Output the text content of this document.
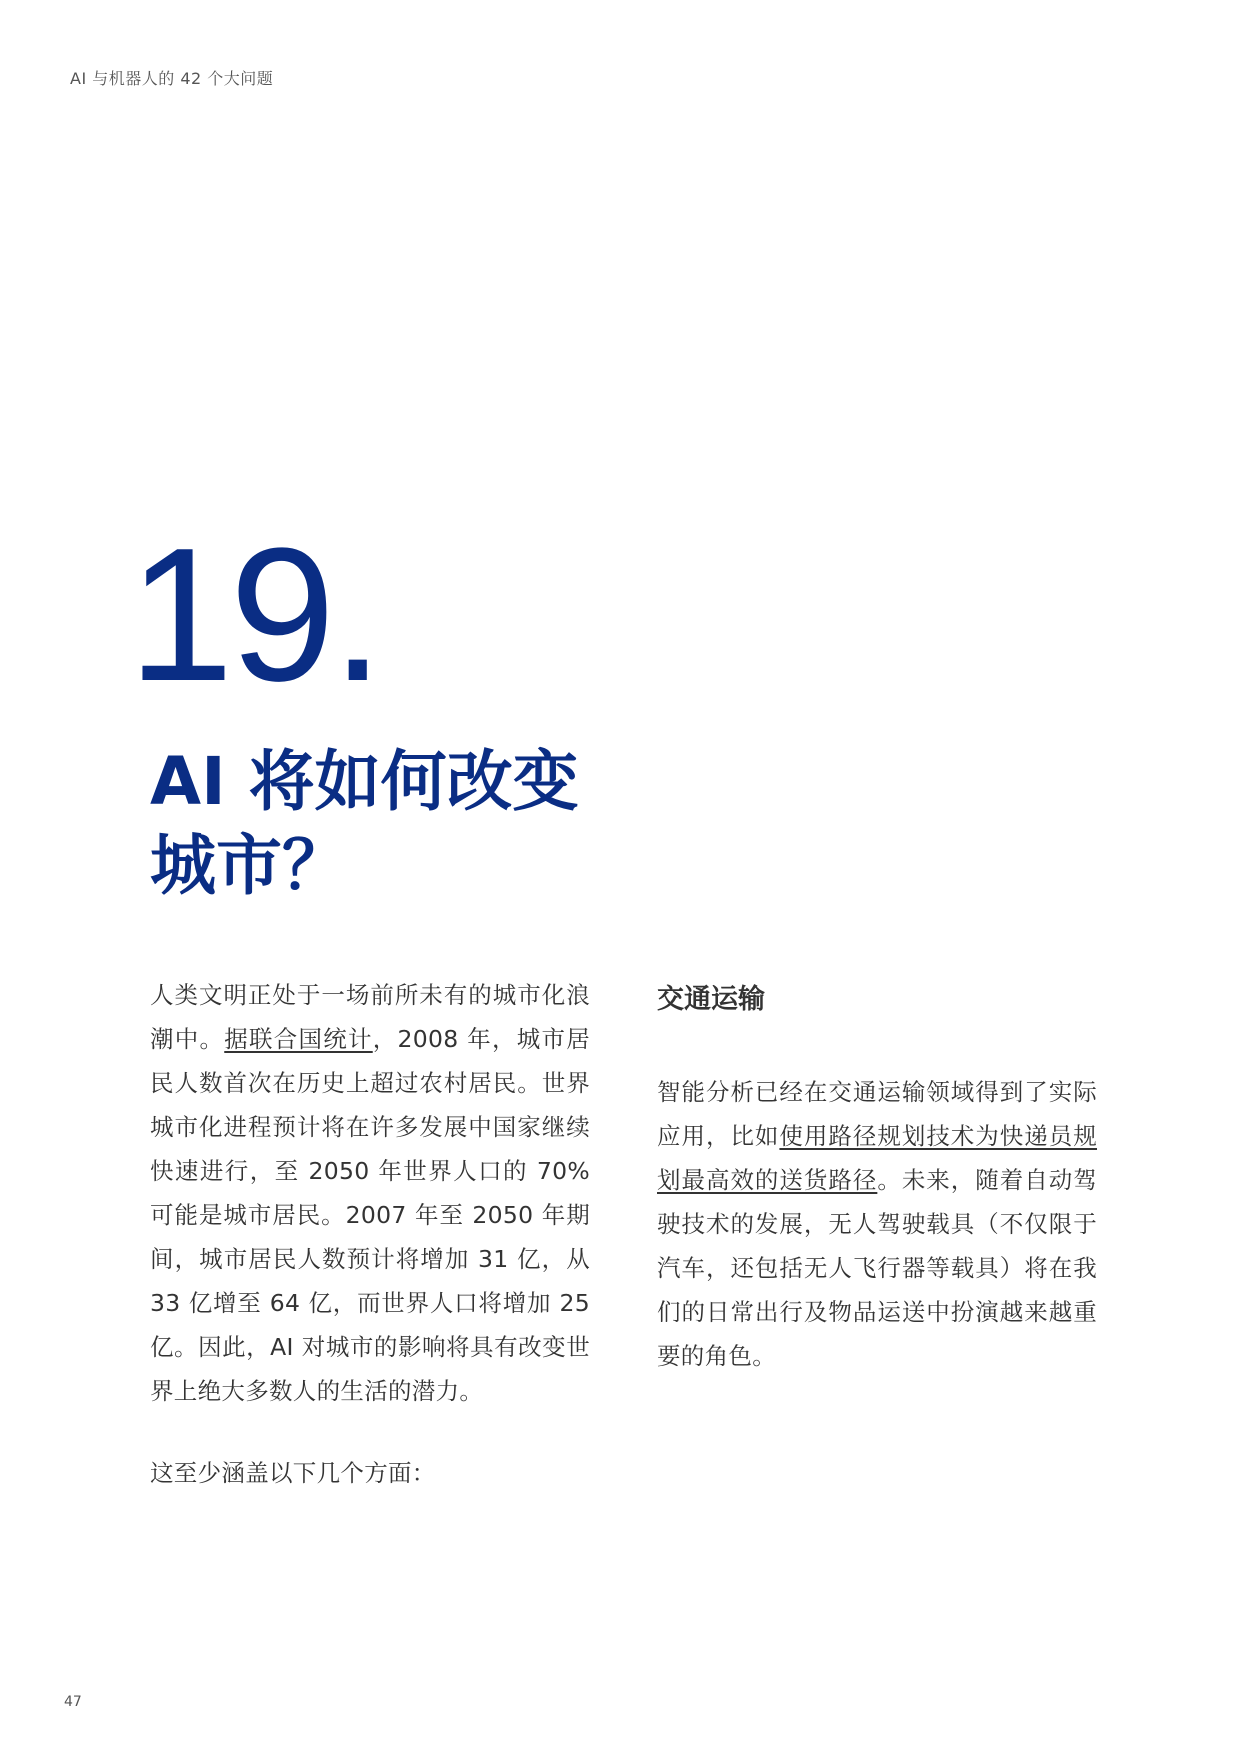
AI 与机器人的 42 个大问题
19.
AI 将如何改变城市？

人类文明正处于一场前所未有的城市化浪潮中。据联合国统计，2008 年，城市居民人数首次在历史上超过农村居民。世界城市化进程预计将在许多发展中国家继续快速进行，至 2050 年世界人口的 70% 可能是城市居民。2007 年至 2050 年期间，城市居民人数预计将增加 31 亿，从 33 亿增至 64 亿，而世界人口将增加 25 亿。因此，AI 对城市的影响将具有改变世界上绝大多数人的生活的潜力。

这至少涵盖以下几个方面：

交通运输

智能分析已经在交通运输领域得到了实际应用，比如使用路径规划技术为快递员规划最高效的送货路径。未来，随着自动驾驶技术的发展，无人驾驶载具（不仅限于汽车，还包括无人飞行器等载具）将在我们的日常出行及物品运送中扮演越来越重要的角色。

47
